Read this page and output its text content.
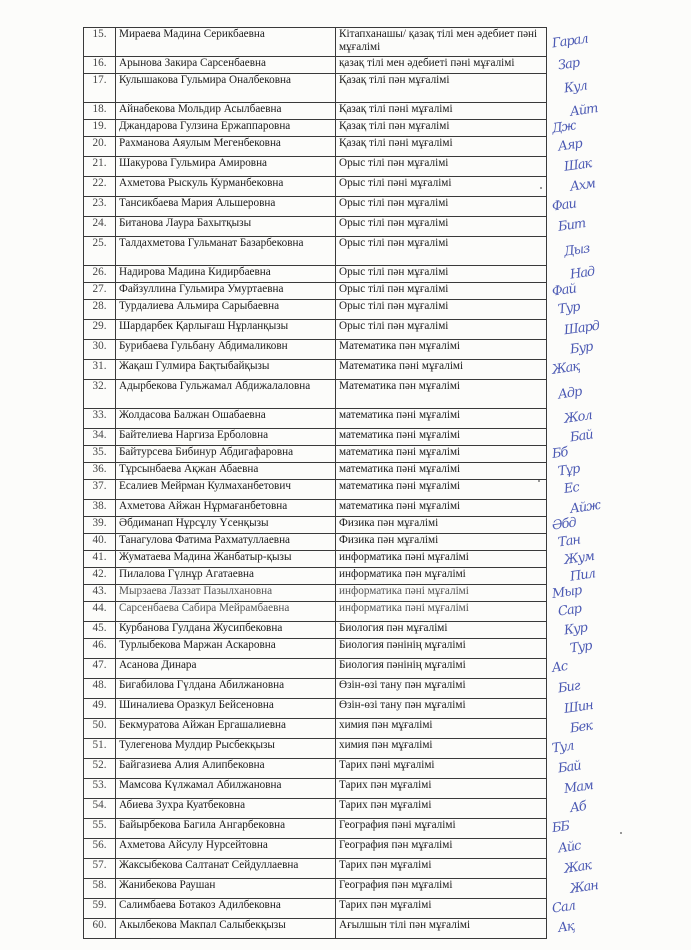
15.	Мираева Мадина Серикбаевна	Кітапханашы/ қазақ тілі мен әдебиет пәні мұғалімі
16.	Арынова Закира Сарсенбаевна	қазақ тілі мен әдебиеті пәні мұғалімі
17.	Кулышакова Гульмира Оналбековна	Қазақ тілі пән мұғалімі
18.	Айнабекова Мольдир Асылбаевна	Қазақ тілі пәні мұғалімі
19.	Джандарова Гулзина Ержаппаровна	Қазақ тілі пән мұғалімі
20.	Рахманова Аяулым Мегенбековна	Қазақ тілі пәні мұғалімі
21.	Шакурова Гульмира Амировна	Орыс тілі пән мұғалімі
22.	Ахметова Рыскуль Курманбековна	Орыс тілі пәні мұғалімі
23.	Тансикбаева Мария Альшеровна	Орыс тілі пән мұғалімі
24.	Битанова Лаура Бахытқызы	Орыс тілі пән мұғалімі
25.	Талдахметова Гульманат Базарбековна	Орыс тілі пән мұғалімі
26.	Надирова Мадина Кидирбаевна	Орыс тілі пән мұғалімі
27.	Файзуллина Гульмира Умуртаевна	Орыс тілі пән мұғалімі
28.	Турдалиева Альмира Сарыбаевна	Орыс тілі пән мұғалімі
29.	Шардарбек Қарлығаш Нұрланқызы	Орыс тілі пән мұғалімі
30.	Бурибаева Гульбану Абдималиковн	Математика пән мұғалімі
31.	Жақаш Гулмира Бақтыбайқызы	Математика пәні мұғалімі
32.	Адырбекова Гульжамал Абдижалаловна	Математика пән мұғалімі
33.	Жолдасова Балжан Ошабаевна	математика пәні мұғалімі
34.	Байтелиева Наргиза Ерболовна	математика пәні мұғалімі
35.	Байтурсева Бибинур Абдигафаровна	математика пәні мұғалімі
36.	Тұрсынбаева Ақжан Абаевна	математика пәні мұғалімі
37.	Есалиев Мейрман Кулмаханбетович	математика пәні мұғалімі
38.	Ахметова Айжан Нұрмағанбетовна	математика пәні мұғалімі
39.	Әбдиманап Нұрсұлу Үсенқызы	Физика пән мұғалімі
40.	Танагулова Фатима Рахматуллаевна	Физика пән мұғалімі
41.	Жуматаева Мадина Жанбатыр-қызы	информатика пәні мұғалімі
42.	Пилалова Гүлнұр Агатаевна	информатика пән мұғалімі
43.	Мырзаева Лаззат Пазылхановна	информатика пәні мұғалімі
44.	Сарсенбаева Сабира Мейрамбаевна	информатика пәні мұғалімі
45.	Курбанова Гулдана Жусипбековна	Биология пән мұғалімі
46.	Турлыбекова Маржан Аскаровна	Биология пәнінің мұғалімі
47.	Асанова Динара	Биология пәнінің мұғалімі
48.	Бигабилова Гүлдана Абилжановна	Өзін-өзі тану пән мұғалімі
49.	Шиналиева Оразкул Бейсеновна	Өзін-өзі тану пән мұғалімі
50.	Бекмуратова Айжан Ергашалиевна	химия пән мұғалімі
51.	Тулегенова Мулдир Рысбекқызы	химия пән мұғалімі
52.	Байгазиева Алия Алипбековна	Тарих пәні мұғалімі
53.	Мамсова Күлжамал Абилжановна	Тарих пән мұғалімі
54.	Абиева Зухра Куатбековна	Тарих пән мұғалімі
55.	Байырбекова Багила Ангарбековна	География пәні мұғалімі
56.	Ахметова Айсулу Нурсейтовна	География пән мұғалімі
57.	Жаксыбекова Салтанат Сейдуллаевна	Тарих пән мұғалімі
58.	Жанибекова Раушан	География пән мұғалімі
59.	Салимбаева Ботакоз Адилбековна	Тарих пән мұғалімі
60.	Акылбекова Макпал Салыбекқызы	Ағылшын тілі пән мұғалімі
Гарал
Зар
Кул
Айт
Дж
Аяр
Шак
Ахм
Фаи
Бит
Дыз
Над
Фай
Тур
Шард
Бур
Жақ
Адр
Жол
Бай
Бб
Тұр
Ес
Айж
Әбд
Тан
Жум
Пил
Мыр
Сар
Кур
Тур
Ас
Биг
Шин
Бек
Тул
Бай
Мам
Аб
ББ
Айс
Жак
Жан
Сал
Ақ
